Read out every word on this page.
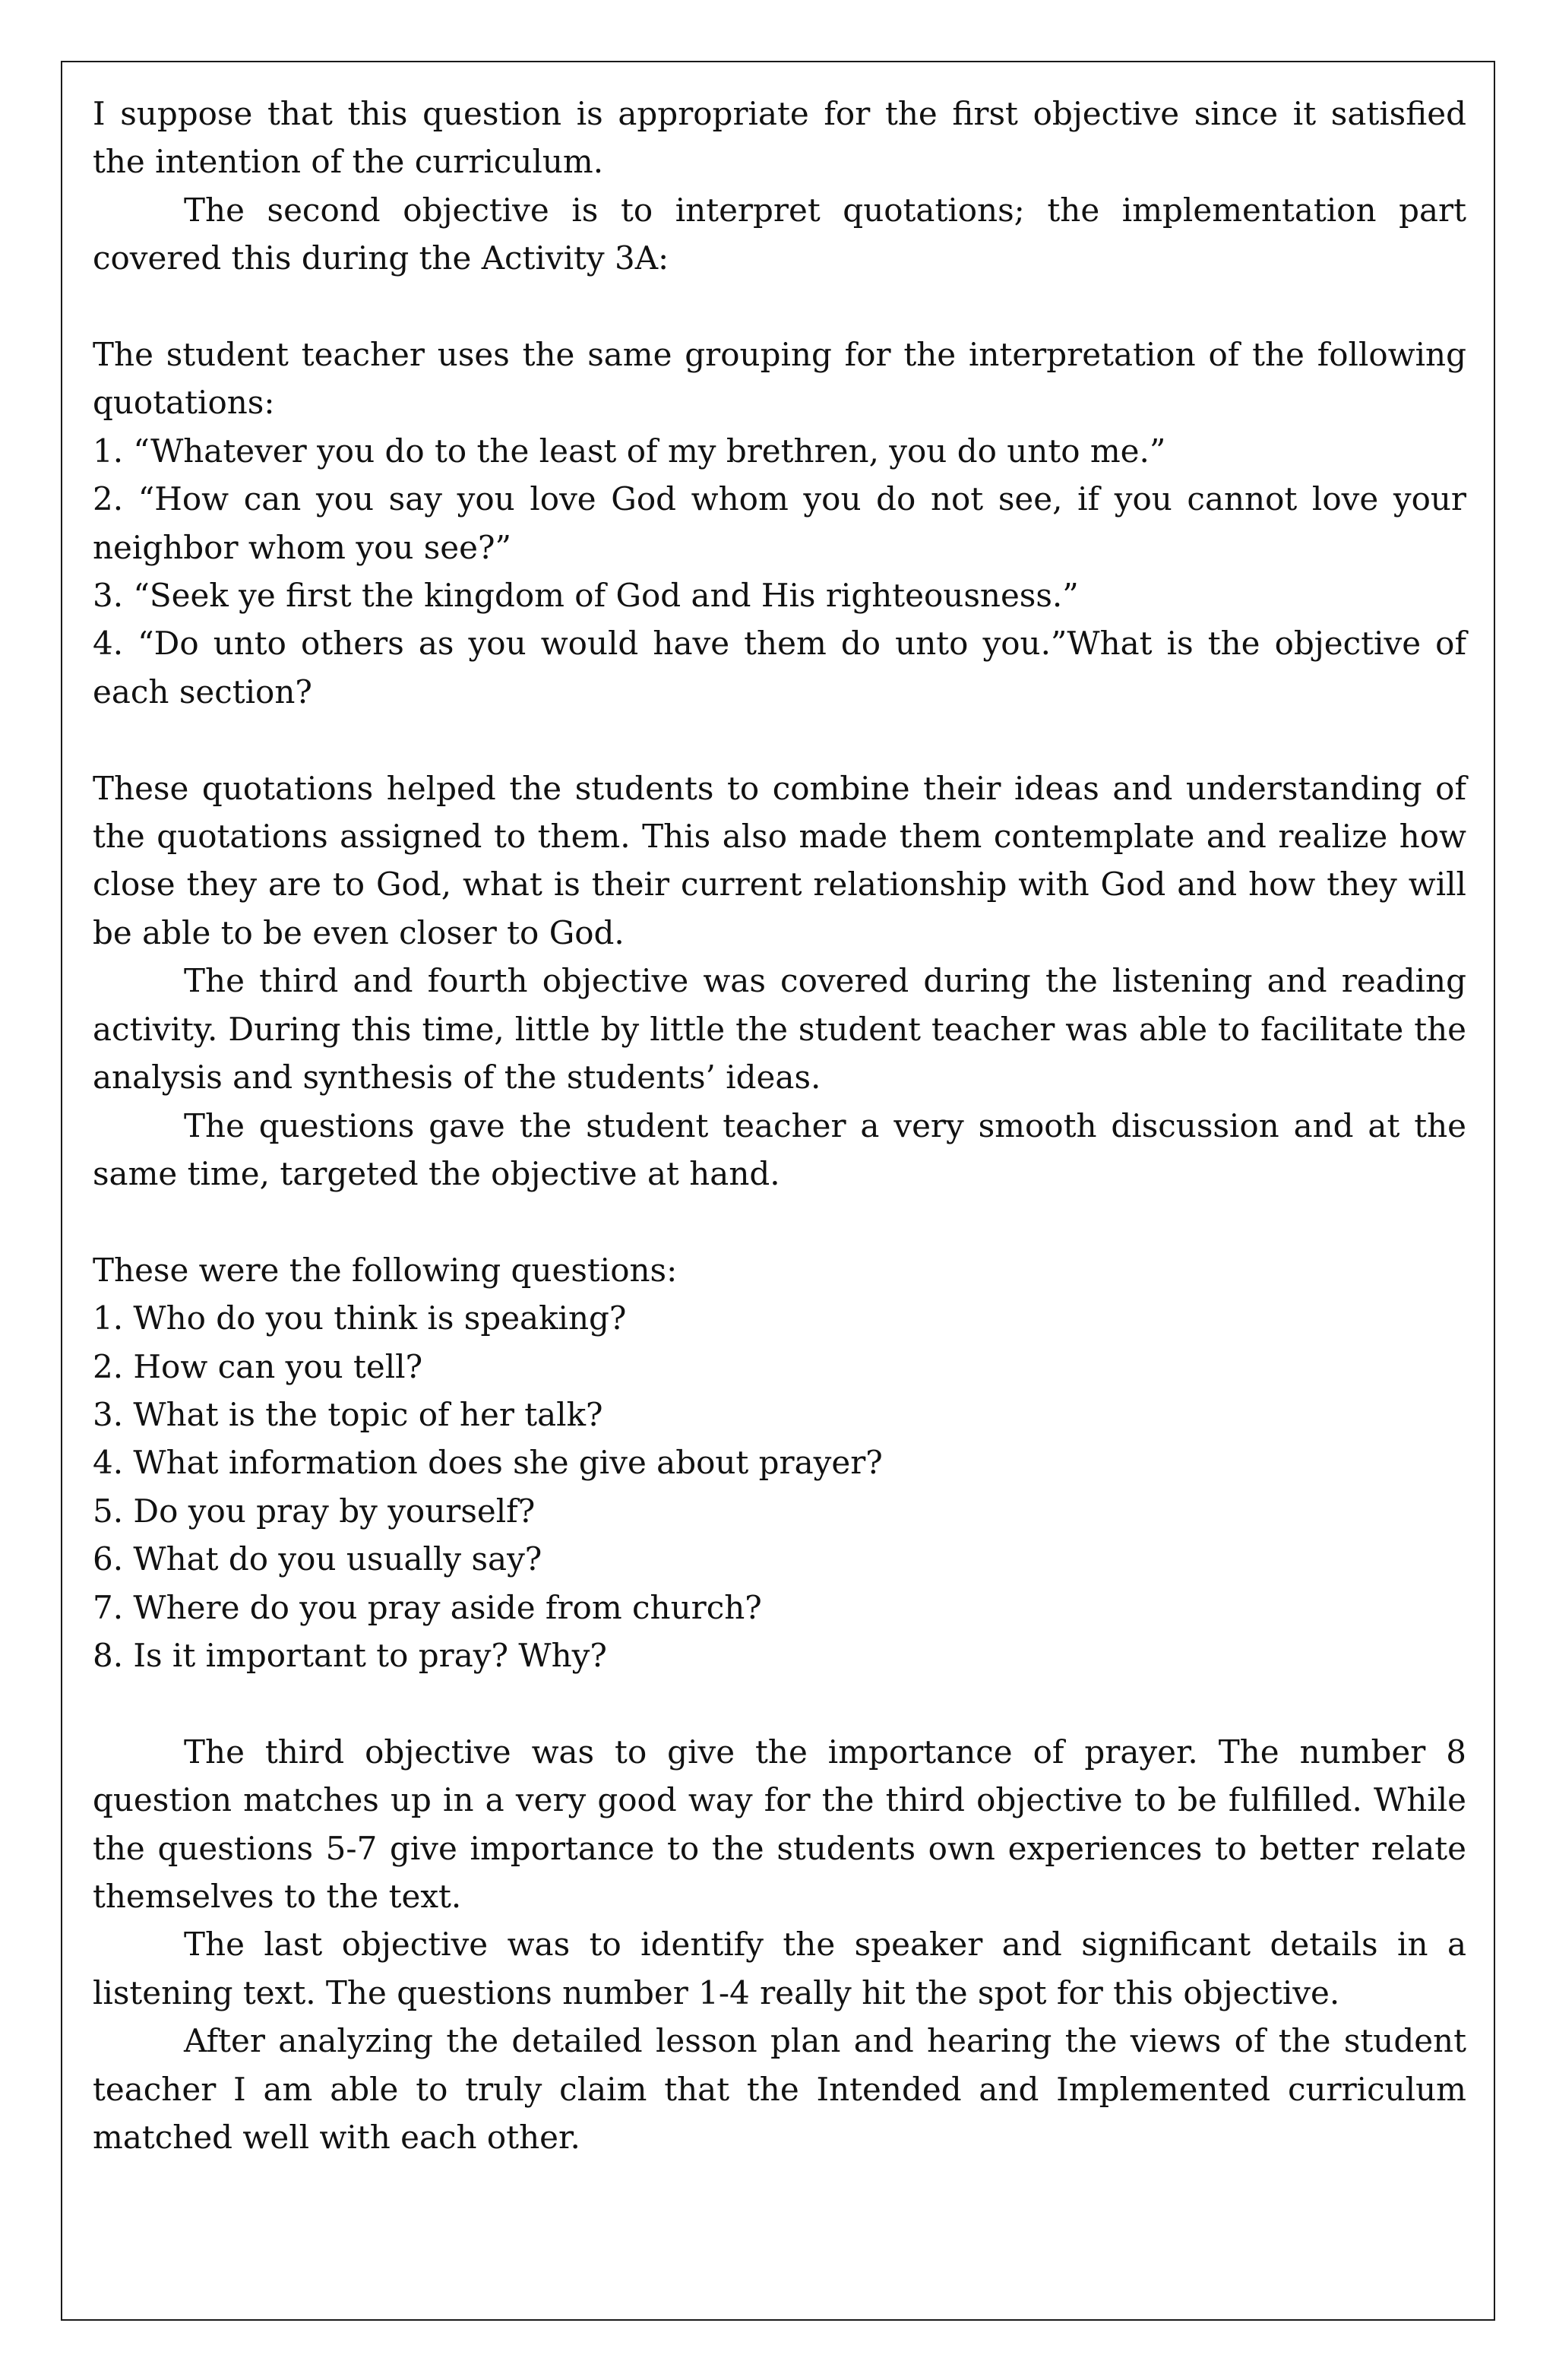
I suppose that this question is appropriate for the first objective since it satisfied the intention of the curriculum.

The second objective is to interpret quotations; the implementation part covered this during the Activity 3A:

The student teacher uses the same grouping for the interpretation of the following quotations:

1. “Whatever you do to the least of my brethren, you do unto me.”
2. “How can you say you love God whom you do not see, if you cannot love your neighbor whom you see?”
3. “Seek ye first the kingdom of God and His righteousness.”
4. “Do unto others as you would have them do unto you.”What is the objective of each section?

These quotations helped the students to combine their ideas and understanding of the quotations assigned to them. This also made them contemplate and realize how close they are to God, what is their current relationship with God and how they will be able to be even closer to God.

The third and fourth objective was covered during the listening and reading activity. During this time, little by little the student teacher was able to facilitate the analysis and synthesis of the students’ ideas.

The questions gave the student teacher a very smooth discussion and at the same time, targeted the objective at hand.

These were the following questions:

1. Who do you think is speaking?
2. How can you tell?
3. What is the topic of her talk?
4. What information does she give about prayer?
5. Do you pray by yourself?
6. What do you usually say?
7. Where do you pray aside from church?
8. Is it important to pray? Why?

The third objective was to give the importance of prayer. The number 8 question matches up in a very good way for the third objective to be fulfilled. While the questions 5-7 give importance to the students own experiences to better relate themselves to the text.

The last objective was to identify the speaker and significant details in a listening text. The questions number 1-4 really hit the spot for this objective.

After analyzing the detailed lesson plan and hearing the views of the student teacher I am able to truly claim that the Intended and Implemented curriculum matched well with each other.
